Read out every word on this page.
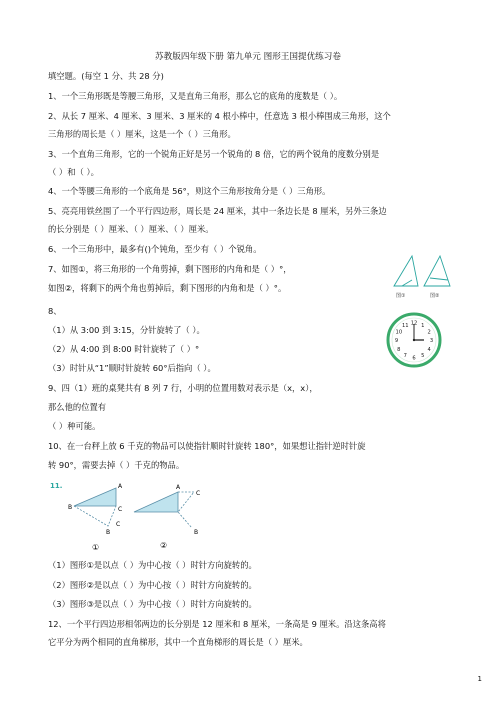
苏教版四年级下册 第九单元 图形王国提优练习卷
填空题。(每空 1 分、共 28 分)
1、一个三角形既是等腰三角形，又是直角三角形，那么它的底角的度数是（ ）。
2、从长 7 厘米、4 厘米、3 厘米、3 厘米的 4 根小棒中，任意选 3 根小棒围成三角形，这个
三角形的周长是（ ）厘米，这是一个（ ）三角形。
3、一个直角三角形，它的一个锐角正好是另一个锐角的 8 倍，它的两个锐角的度数分别是
（ ）和（ ）。
4、一个等腰三角形的一个底角是 56°，则这个三角形按角分是（ ）三角形。
5、亮亮用铁丝围了一个平行四边形，周长是 24 厘米，其中一条边长是 8 厘米，另外三条边
的长分别是（ ）厘米、（ ）厘米、（ ）厘米。
6、一个三角形中，最多有()个钝角，至少有（ ）个锐角。
7、如图①，将三角形的一个角剪掉，剩下图形的内角和是（ ）°，
如图②，将剩下的两个角也剪掉后，剩下图形的内角和是（ ）°。
图①	图②
8、
（1）从 3:00 到 3:15，分针旋转了（ ）。
（2）从 4:00 到 8:00 时针旋转了（ ）°
（3）时针从“1”顺时针旋转 60°后指向（ ）。
12 1
2
3
4
5
6
7
8
9
10
11
9、四（1）班的桌凳共有 8 列 7 行，小明的位置用数对表示是（x，x），
那么他的位置有
（ ）种可能。
10、在一台秤上放 6 千克的物品可以使指针顺时针旋转 180°，如果想让指针逆时针旋
转 90°，需要去掉（ ）千克的物品。
11.	A
B	C
B
C
①
A
C
B
②
（1）图形①是以点（ ）为中心按（ ）时针方向旋转的。
（2）图形②是以点（ ）为中心按（ ）时针方向旋转的。
（3）图形③是以点（ ）为中心按（ ）时针方向旋转的。
12、一个平行四边形相邻两边的长分别是 12 厘米和 8 厘米，一条高是 9 厘米。沿这条高将
它平分为两个相同的直角梯形，其中一个直角梯形的周长是（ ）厘米。
1
